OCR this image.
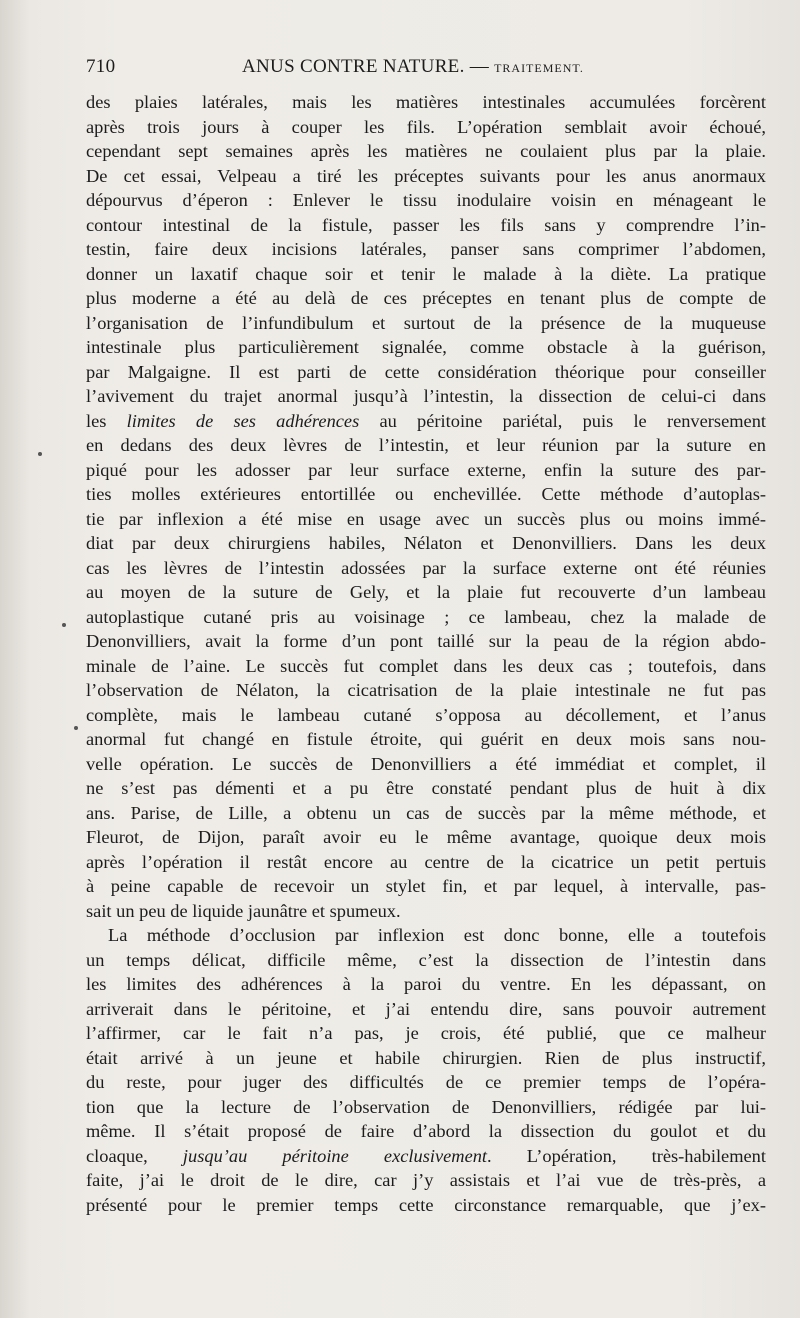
710	ANUS CONTRE NATURE. — TRAITEMENT.
des plaies latérales, mais les matières intestinales accumulées forcèrent
après trois jours à couper les fils. L’opération semblait avoir échoué,
cependant sept semaines après les matières ne coulaient plus par la plaie.
De cet essai, Velpeau a tiré les préceptes suivants pour les anus anormaux
dépourvus d’éperon : Enlever le tissu inodulaire voisin en ménageant le
contour intestinal de la fistule, passer les fils sans y comprendre l’in-
testin, faire deux incisions latérales, panser sans comprimer l’abdomen,
donner un laxatif chaque soir et tenir le malade à la diète. La pratique
plus moderne a été au delà de ces préceptes en tenant plus de compte de
l’organisation de l’infundibulum et surtout de la présence de la muqueuse
intestinale plus particulièrement signalée, comme obstacle à la guérison,
par Malgaigne. Il est parti de cette considération théorique pour conseiller
l’avivement du trajet anormal jusqu’à l’intestin, la dissection de celui-ci dans
les limites de ses adhérences au péritoine pariétal, puis le renversement
en dedans des deux lèvres de l’intestin, et leur réunion par la suture en
piqué pour les adosser par leur surface externe, enfin la suture des par-
ties molles extérieures entortillée ou enchevillée. Cette méthode d’autoplas-
tie par inflexion a été mise en usage avec un succès plus ou moins immé-
diat par deux chirurgiens habiles, Nélaton et Denonvilliers. Dans les deux
cas les lèvres de l’intestin adossées par la surface externe ont été réunies
au moyen de la suture de Gely, et la plaie fut recouverte d’un lambeau
autoplastique cutané pris au voisinage ; ce lambeau, chez la malade de
Denonvilliers, avait la forme d’un pont taillé sur la peau de la région abdo-
minale de l’aine. Le succès fut complet dans les deux cas ; toutefois, dans
l’observation de Nélaton, la cicatrisation de la plaie intestinale ne fut pas
complète, mais le lambeau cutané s’opposa au décollement, et l’anus
anormal fut changé en fistule étroite, qui guérit en deux mois sans nou-
velle opération. Le succès de Denonvilliers a été immédiat et complet, il
ne s’est pas démenti et a pu être constaté pendant plus de huit à dix
ans. Parise, de Lille, a obtenu un cas de succès par la même méthode, et
Fleurot, de Dijon, paraît avoir eu le même avantage, quoique deux mois
après l’opération il restât encore au centre de la cicatrice un petit pertuis
à peine capable de recevoir un stylet fin, et par lequel, à intervalle, pas-
sait un peu de liquide jaunâtre et spumeux.
La méthode d’occlusion par inflexion est donc bonne, elle a toutefois
un temps délicat, difficile même, c’est la dissection de l’intestin dans
les limites des adhérences à la paroi du ventre. En les dépassant, on
arriverait dans le péritoine, et j’ai entendu dire, sans pouvoir autrement
l’affirmer, car le fait n’a pas, je crois, été publié, que ce malheur
était arrivé à un jeune et habile chirurgien. Rien de plus instructif,
du reste, pour juger des difficultés de ce premier temps de l’opéra-
tion que la lecture de l’observation de Denonvilliers, rédigée par lui-
même. Il s’était proposé de faire d’abord la dissection du goulot et du
cloaque, jusqu’au péritoine exclusivement. L’opération, très-habilement
faite, j’ai le droit de le dire, car j’y assistais et l’ai vue de très-près, a
présenté pour le premier temps cette circonstance remarquable, que j’ex-
